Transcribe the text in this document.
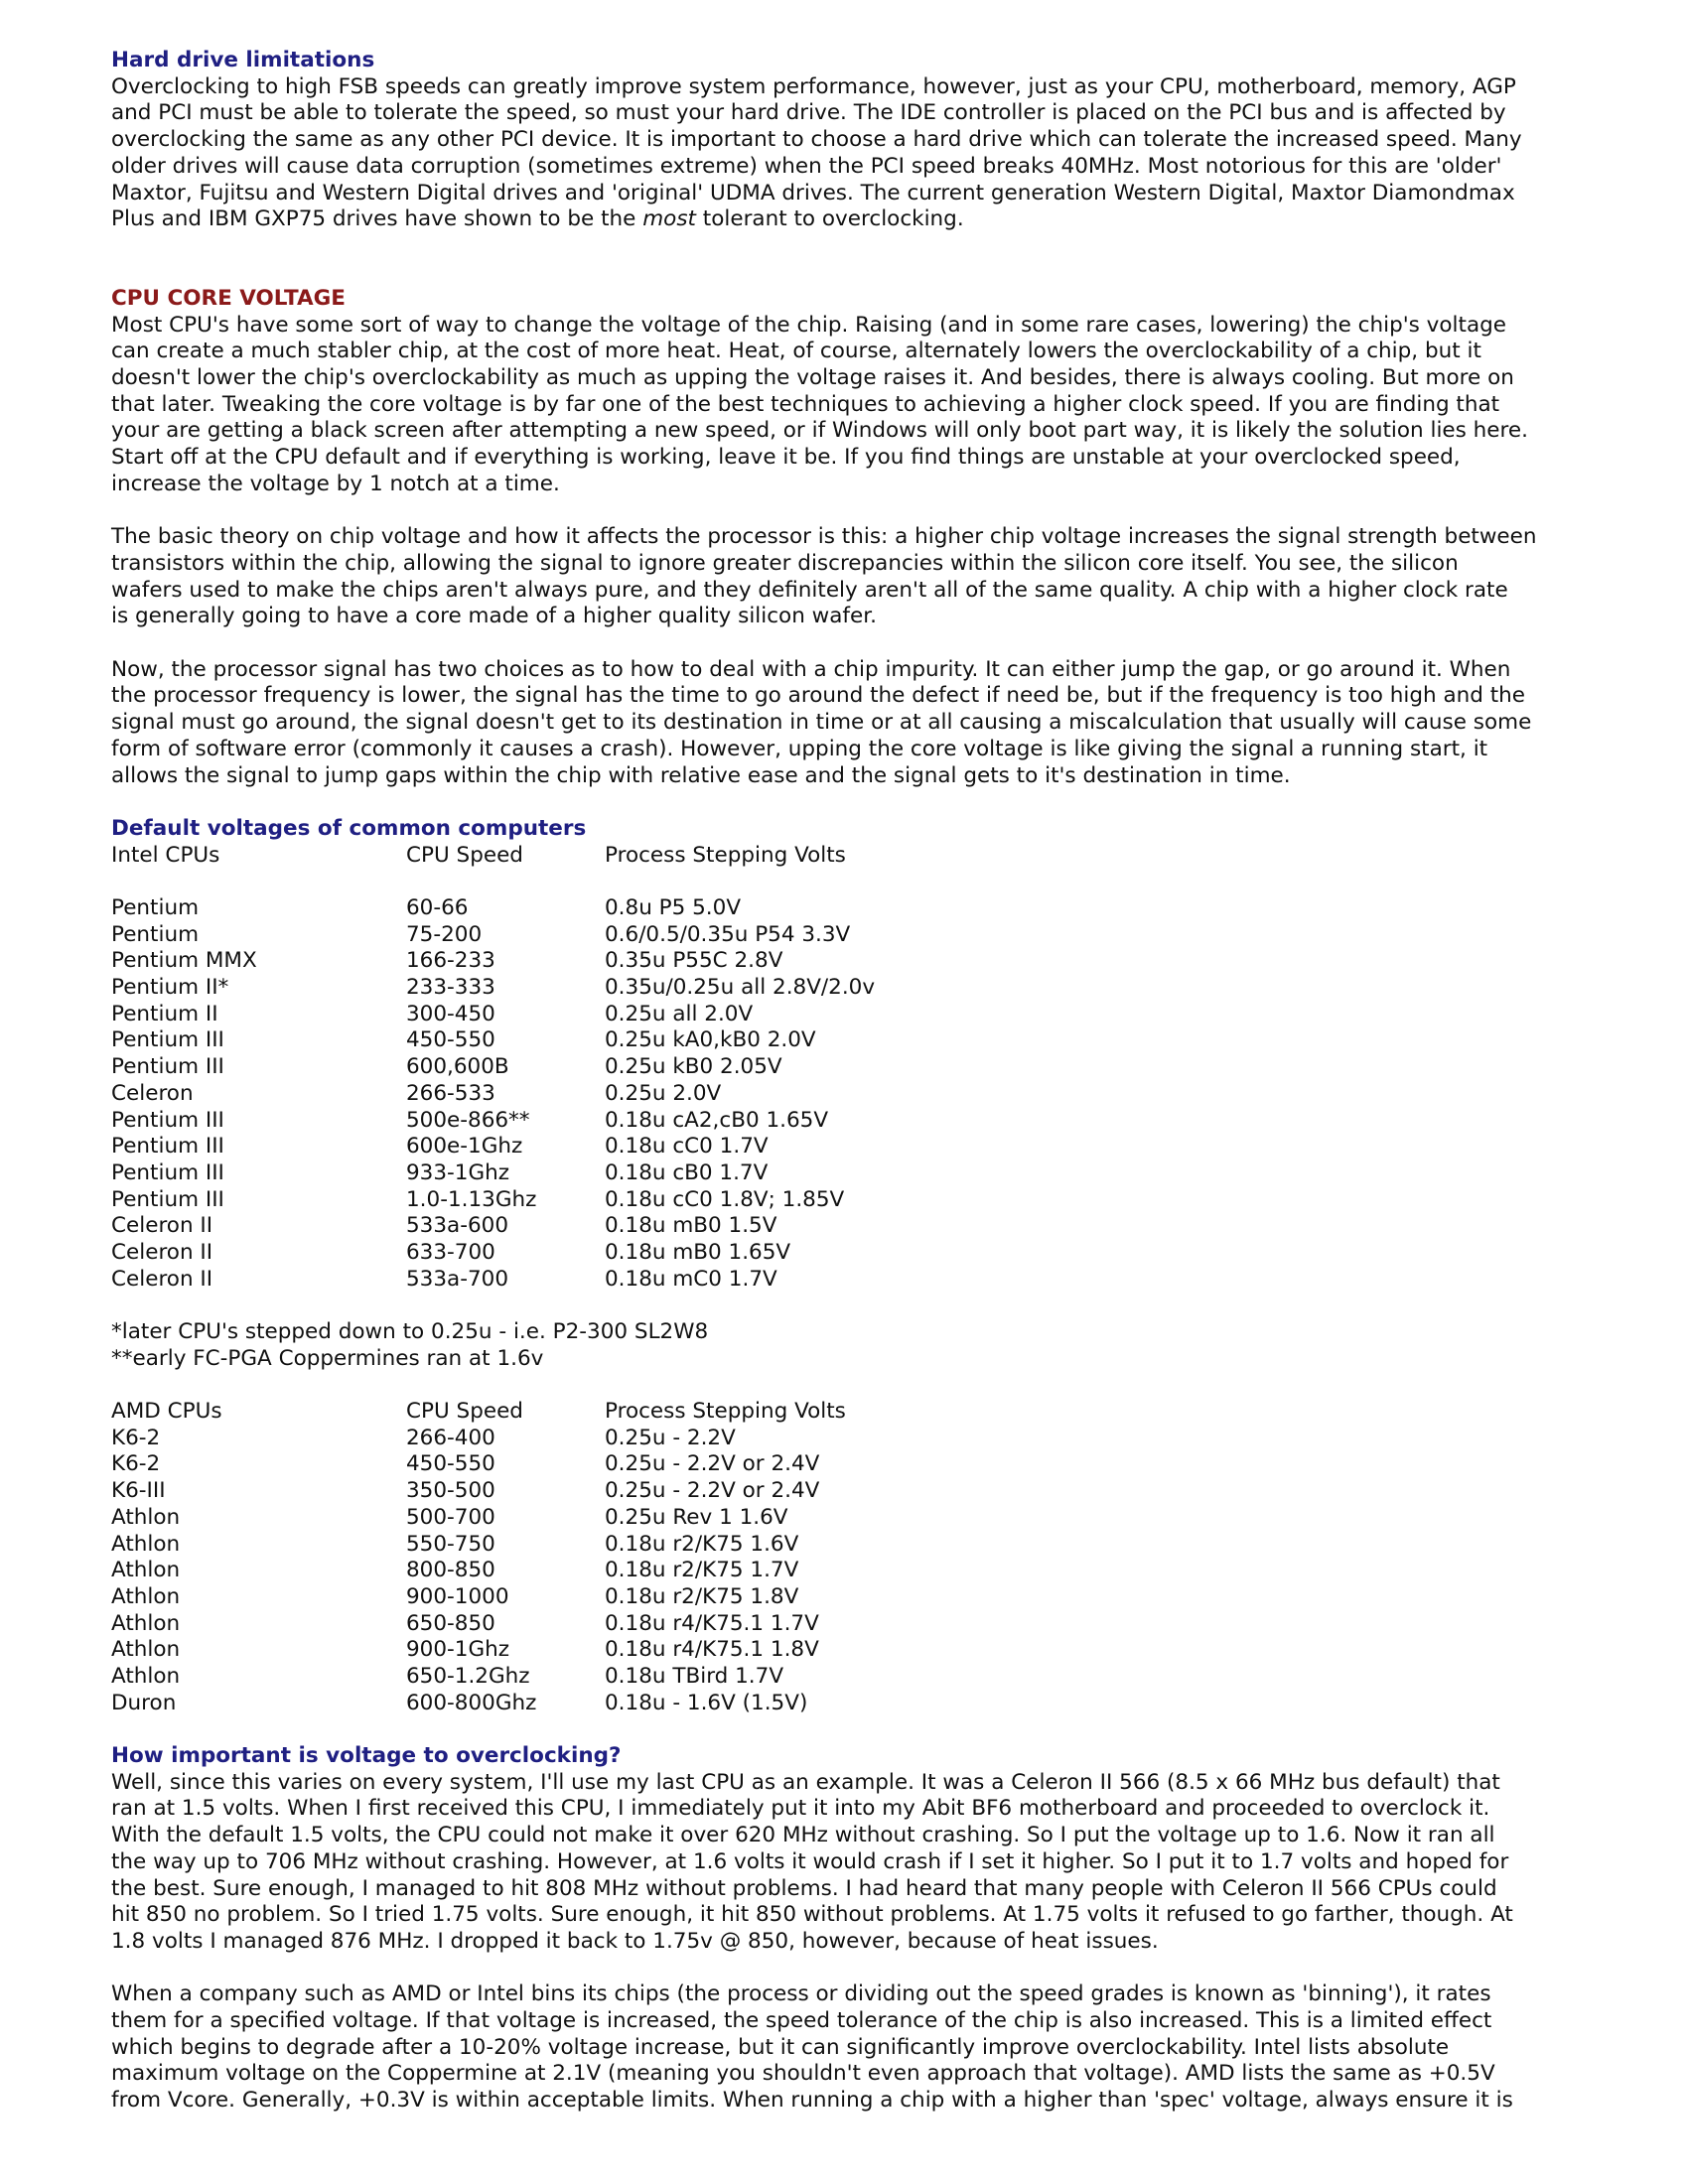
Hard drive limitations

Overclocking to high FSB speeds can greatly improve system performance, however, just as your CPU, motherboard, memory, AGP
and PCI must be able to tolerate the speed, so must your hard drive. The IDE controller is placed on the PCI bus and is affected by
overclocking the same as any other PCI device. It is important to choose a hard drive which can tolerate the increased speed. Many
older drives will cause data corruption (sometimes extreme) when the PCI speed breaks 40MHz. Most notorious for this are 'older'
Maxtor, Fujitsu and Western Digital drives and 'original' UDMA drives. The current generation Western Digital, Maxtor Diamondmax
Plus and IBM GXP75 drives have shown to be the most tolerant to overclocking.

CPU CORE VOLTAGE

Most CPU's have some sort of way to change the voltage of the chip. Raising (and in some rare cases, lowering) the chip's voltage
can create a much stabler chip, at the cost of more heat. Heat, of course, alternately lowers the overclockability of a chip, but it
doesn't lower the chip's overclockability as much as upping the voltage raises it. And besides, there is always cooling. But more on
that later. Tweaking the core voltage is by far one of the best techniques to achieving a higher clock speed. If you are finding that
your are getting a black screen after attempting a new speed, or if Windows will only boot part way, it is likely the solution lies here.
Start off at the CPU default and if everything is working, leave it be. If you find things are unstable at your overclocked speed,
increase the voltage by 1 notch at a time.

The basic theory on chip voltage and how it affects the processor is this: a higher chip voltage increases the signal strength between
transistors within the chip, allowing the signal to ignore greater discrepancies within the silicon core itself. You see, the silicon
wafers used to make the chips aren't always pure, and they definitely aren't all of the same quality. A chip with a higher clock rate
is generally going to have a core made of a higher quality silicon wafer.

Now, the processor signal has two choices as to how to deal with a chip impurity. It can either jump the gap, or go around it. When
the processor frequency is lower, the signal has the time to go around the defect if need be, but if the frequency is too high and the
signal must go around, the signal doesn't get to its destination in time or at all causing a miscalculation that usually will cause some
form of software error (commonly it causes a crash). However, upping the core voltage is like giving the signal a running start, it
allows the signal to jump gaps within the chip with relative ease and the signal gets to it's destination in time.

Default voltages of common computers
Intel CPUs	CPU Speed	Process Stepping Volts
Pentium	60-66	0.8u P5 5.0V
Pentium	75-200	0.6/0.5/0.35u P54 3.3V
Pentium MMX	166-233	0.35u P55C 2.8V
Pentium II*	233-333	0.35u/0.25u all 2.8V/2.0v
Pentium II	300-450	0.25u all 2.0V
Pentium III	450-550	0.25u kA0,kB0 2.0V
Pentium III	600,600B	0.25u kB0 2.05V
Celeron	266-533	0.25u 2.0V
Pentium III	500e-866**	0.18u cA2,cB0 1.65V
Pentium III	600e-1Ghz	0.18u cC0 1.7V
Pentium III	933-1Ghz	0.18u cB0 1.7V
Pentium III	1.0-1.13Ghz	0.18u cC0 1.8V; 1.85V
Celeron II	533a-600	0.18u mB0 1.5V
Celeron II	633-700	0.18u mB0 1.65V
Celeron II	533a-700	0.18u mC0 1.7V

*later CPU's stepped down to 0.25u - i.e. P2-300 SL2W8
**early FC-PGA Coppermines ran at 1.6v

AMD CPUs	CPU Speed	Process Stepping Volts
K6-2	266-400	0.25u - 2.2V
K6-2	450-550	0.25u - 2.2V or 2.4V
K6-III	350-500	0.25u - 2.2V or 2.4V
Athlon	500-700	0.25u Rev 1 1.6V
Athlon	550-750	0.18u r2/K75 1.6V
Athlon	800-850	0.18u r2/K75 1.7V
Athlon	900-1000	0.18u r2/K75 1.8V
Athlon	650-850	0.18u r4/K75.1 1.7V
Athlon	900-1Ghz	0.18u r4/K75.1 1.8V
Athlon	650-1.2Ghz	0.18u TBird 1.7V
Duron	600-800Ghz	0.18u - 1.6V (1.5V)
How important is voltage to overclocking?

Well, since this varies on every system, I'll use my last CPU as an example. It was a Celeron II 566 (8.5 x 66 MHz bus default) that
ran at 1.5 volts. When I first received this CPU, I immediately put it into my Abit BF6 motherboard and proceeded to overclock it.
With the default 1.5 volts, the CPU could not make it over 620 MHz without crashing. So I put the voltage up to 1.6. Now it ran all
the way up to 706 MHz without crashing. However, at 1.6 volts it would crash if I set it higher. So I put it to 1.7 volts and hoped for
the best. Sure enough, I managed to hit 808 MHz without problems. I had heard that many people with Celeron II 566 CPUs could
hit 850 no problem. So I tried 1.75 volts. Sure enough, it hit 850 without problems. At 1.75 volts it refused to go farther, though. At
1.8 volts I managed 876 MHz. I dropped it back to 1.75v @ 850, however, because of heat issues.

When a company such as AMD or Intel bins its chips (the process or dividing out the speed grades is known as 'binning'), it rates
them for a specified voltage. If that voltage is increased, the speed tolerance of the chip is also increased. This is a limited effect
which begins to degrade after a 10-20% voltage increase, but it can significantly improve overclockability. Intel lists absolute
maximum voltage on the Coppermine at 2.1V (meaning you shouldn't even approach that voltage). AMD lists the same as +0.5V
from Vcore. Generally, +0.3V is within acceptable limits. When running a chip with a higher than 'spec' voltage, always ensure it is
